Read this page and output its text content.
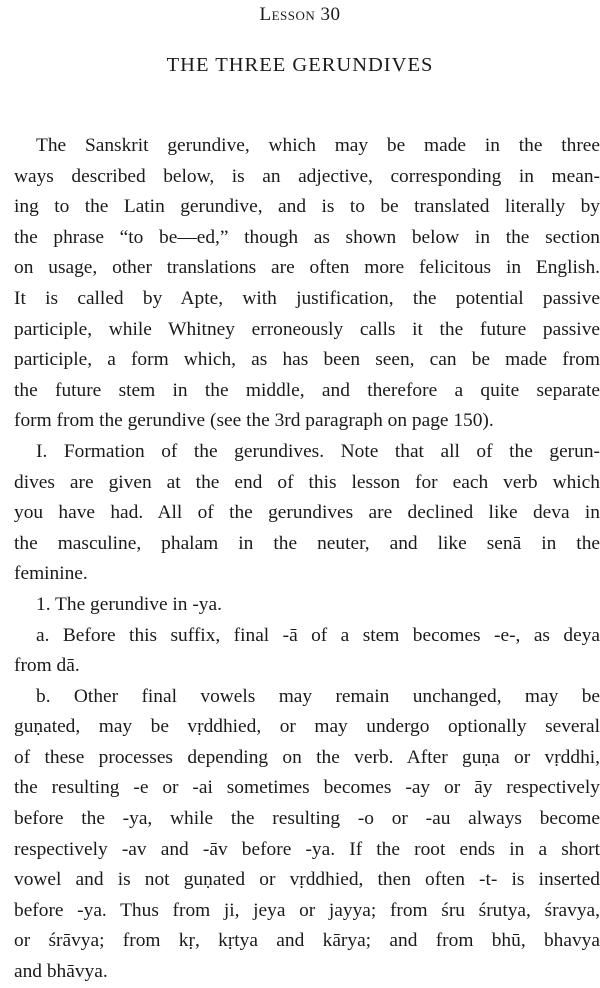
Lesson 30
THE THREE GERUNDIVES
The Sanskrit gerundive, which may be made in the three
ways described below, is an adjective, corresponding in mean-
ing to the Latin gerundive, and is to be translated literally by
the phrase “to be—ed,” though as shown below in the section
on usage, other translations are often more felicitous in English.
It is called by Apte, with justification, the potential passive
participle, while Whitney erroneously calls it the future passive
participle, a form which, as has been seen, can be made from
the future stem in the middle, and therefore a quite separate
form from the gerundive (see the 3rd paragraph on page 150).
I. Formation of the gerundives. Note that all of the gerun-
dives are given at the end of this lesson for each verb which
you have had. All of the gerundives are declined like deva in
the masculine, phalam in the neuter, and like senā in the
feminine.
1. The gerundive in -ya.
a. Before this suffix, final -ā of a stem becomes -e-, as deya
from dā.
b. Other final vowels may remain unchanged, may be
guṇated, may be vṛddhied, or may undergo optionally several
of these processes depending on the verb. After guṇa or vṛddhi,
the resulting -e or -ai sometimes becomes -ay or āy respectively
before the -ya, while the resulting -o or -au always become
respectively -av and -āv before -ya. If the root ends in a short
vowel and is not guṇated or vṛddhied, then often -t- is inserted
before -ya. Thus from ji, jeya or jayya; from śru śrutya, śravya,
or śrāvya; from kṛ, kṛtya and kārya; and from bhū, bhavya
and bhāvya.
